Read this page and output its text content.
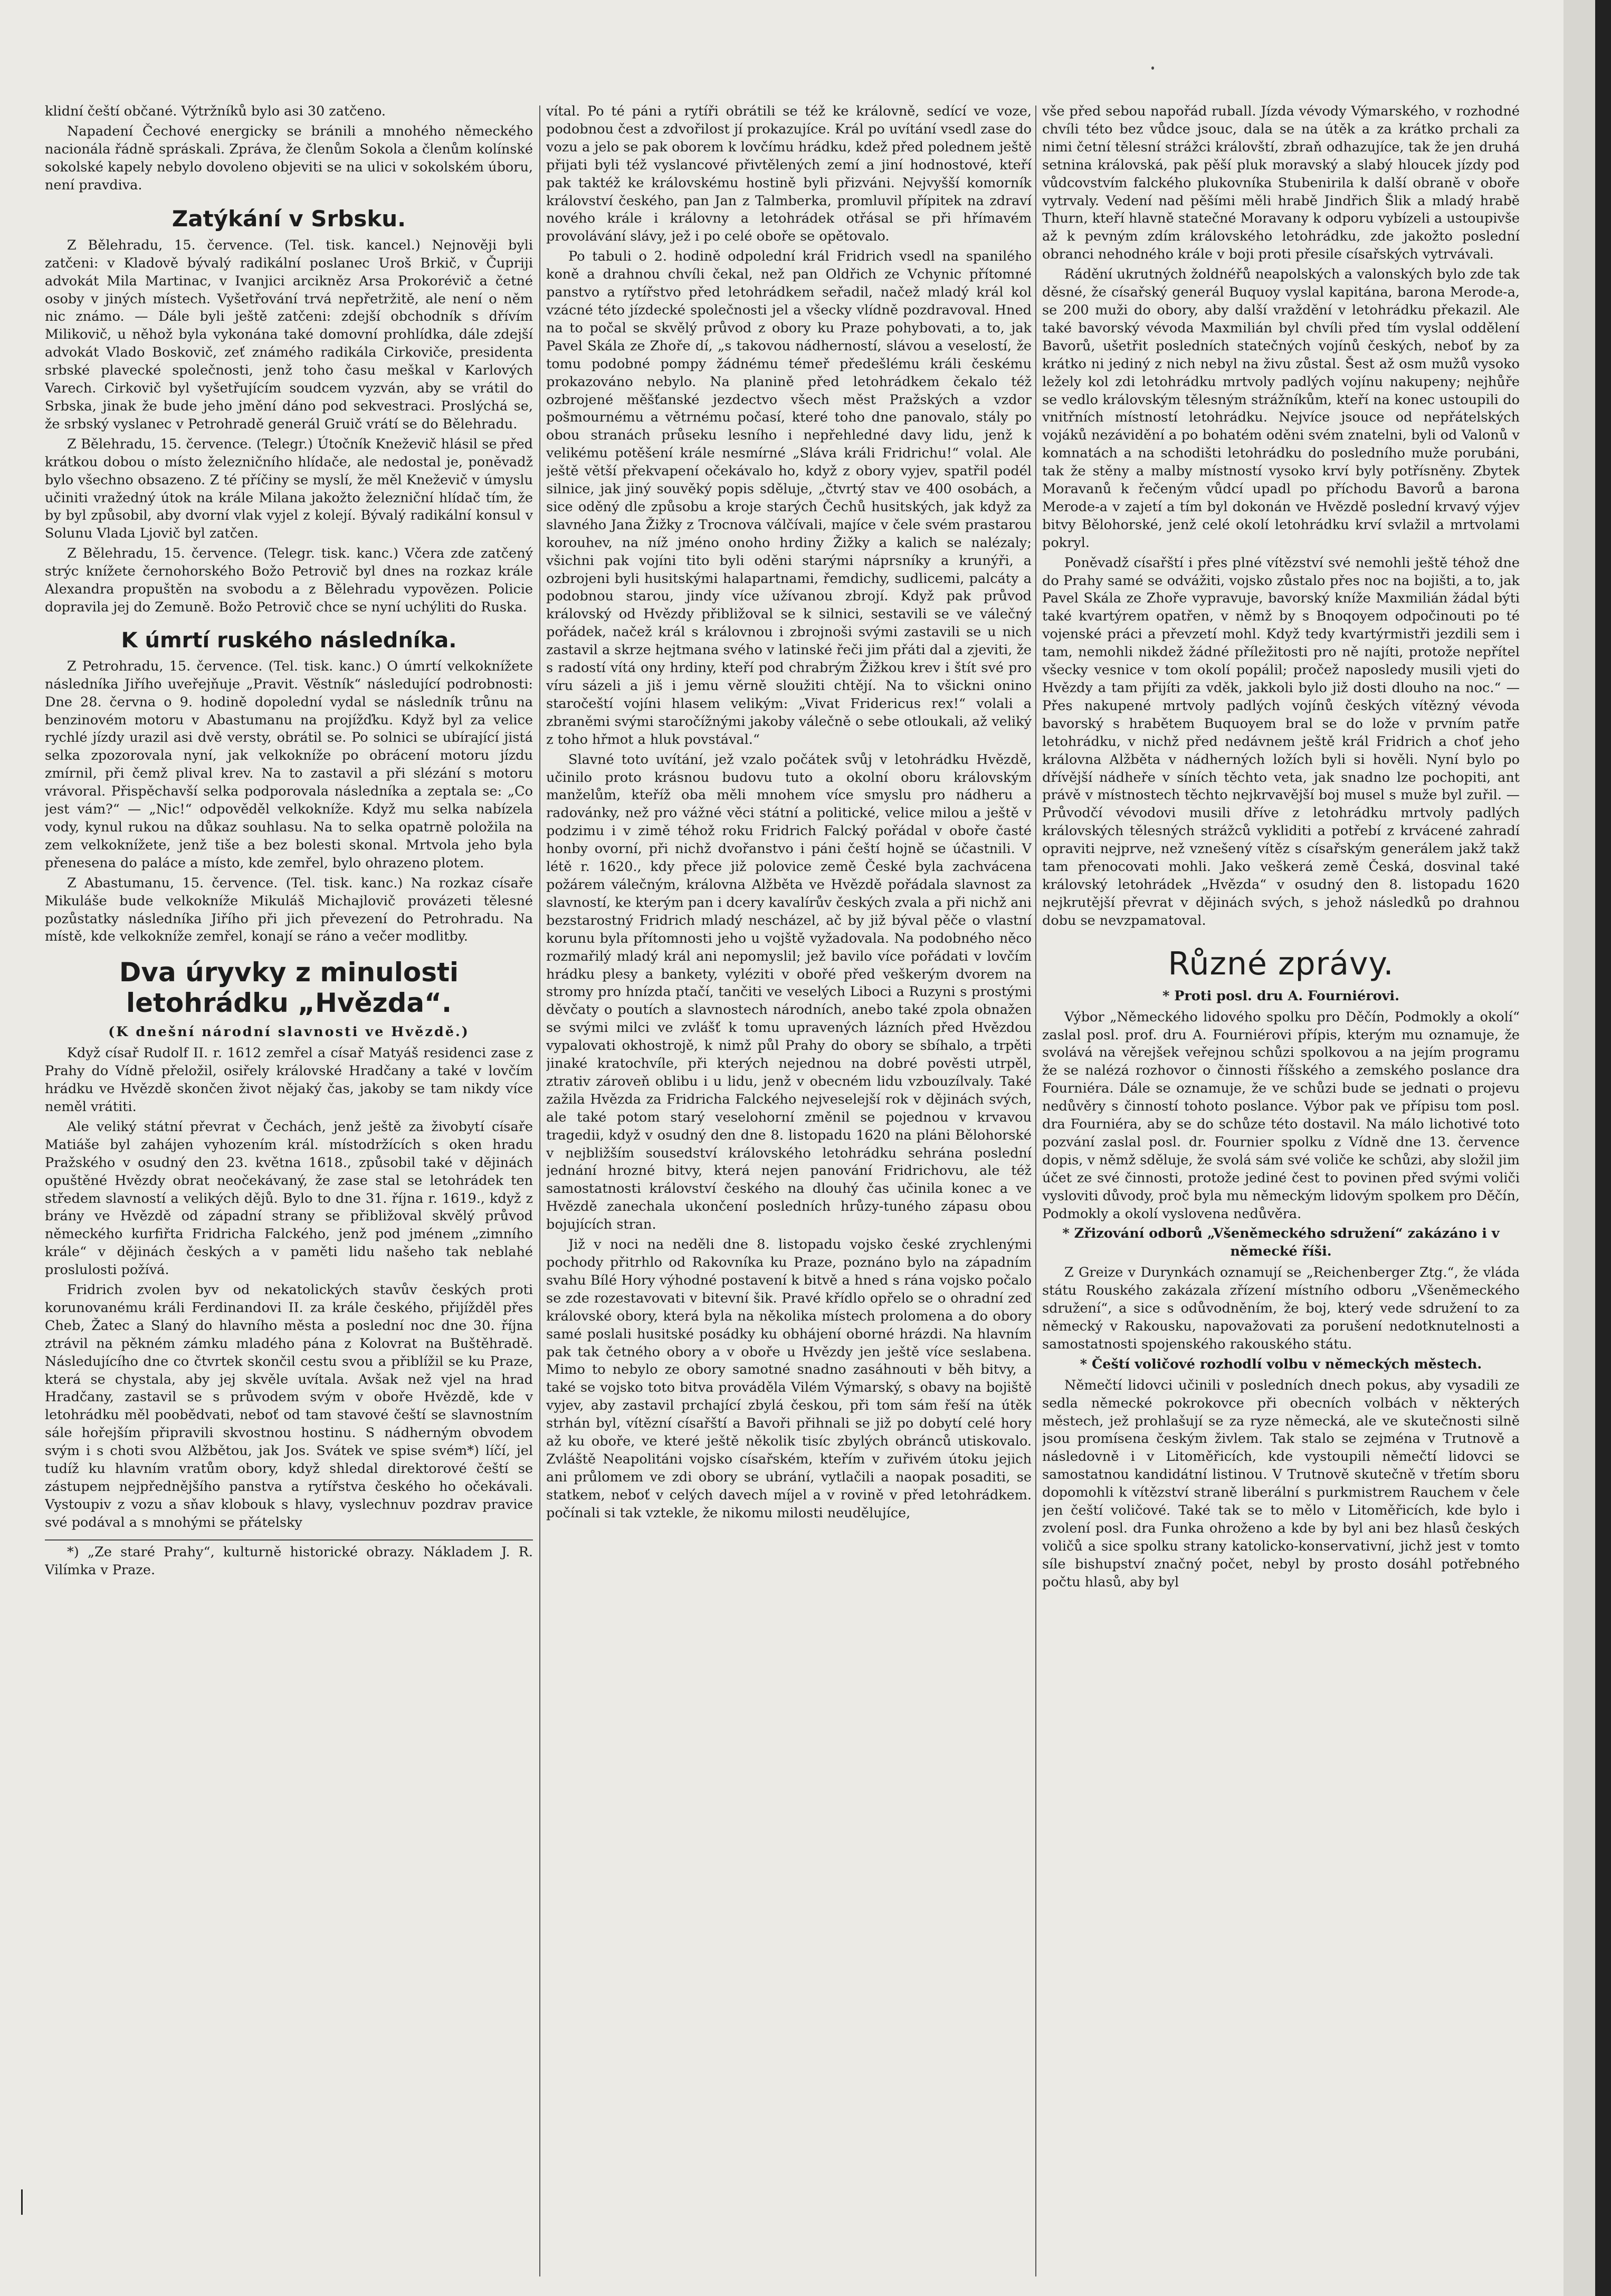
klidní čeští občané. Výtržníků bylo asi 30 zatčeno.

Napadení Čechové energicky se bránili a mnohého německého nacionála řádně spráskali. Zpráva, že členům Sokola a členům kolínské sokolské kapely nebylo dovoleno objeviti se na ulici v sokolském úboru, není pravdiva.

Zatýkání v Srbsku.

Z Bělehradu, 15. července. (Tel. tisk. kancel.) Nejnověji byli zatčeni: v Kladově bývalý radikální poslanec Uroš Brkič, v Čupriji advokát Mila Martinac, v Ivanjici arcikněz Arsa Prokorévič a četné osoby v jiných místech. Vyšetřování trvá nepřetržitě, ale není o něm nic známo. — Dále byli ještě zatčeni: zdejší obchodník s dřívím Milikovič, u něhož byla vykonána také domovní prohlídka, dále zdejší advokát Vlado Boskovič, zeť známého radikála Cirkoviče, presidenta srbské plavecké společnosti, jenž toho času meškal v Karlových Varech. Cirkovič byl vyšetřujícím soudcem vyzván, aby se vrátil do Srbska, jinak že bude jeho jmění dáno pod sekvestraci. Proslýchá se, že srbský vyslanec v Petrohradě generál Gruič vrátí se do Bělehradu.

Z Bělehradu, 15. července. (Telegr.) Útočník Kneževič hlásil se před krátkou dobou o místo železničního hlídače, ale nedostal je, poněvadž bylo všechno obsazeno. Z té příčiny se myslí, že měl Kneževič v úmyslu učiniti vražedný útok na krále Milana jakožto železniční hlídač tím, že by byl způsobil, aby dvorní vlak vyjel z kolejí. Bývalý radikální konsul v Solunu Vlada Ljovič byl zatčen.

Z Bělehradu, 15. července. (Telegr. tisk. kanc.) Včera zde zatčený strýc knížete černohorského Božo Petrovič byl dnes na rozkaz krále Alexandra propuštěn na svobodu a z Bělehradu vypovězen. Policie dopravila jej do Zemuně. Božo Petrovič chce se nyní uchýliti do Ruska.

K úmrtí ruského následníka.

Z Petrohradu, 15. července. (Tel. tisk. kanc.) O úmrtí velkoknížete následníka Jiřího uveřejňuje „Pravit. Věstník“ následující podrobnosti: Dne 28. června o 9. hodině dopolední vydal se následník trůnu na benzinovém motoru v Abastumanu na projížďku. Když byl za velice rychlé jízdy urazil asi dvě versty, obrátil se. Po solnici se ubírající jistá selka zpozorovala nyní, jak velkokníže po obrácení motoru jízdu zmírnil, při čemž plival krev. Na to zastavil a při slézání s motoru vrávoral. Přispěchavší selka podporovala následníka a zeptala se: „Co jest vám?“ — „Nic!“ odpověděl velkokníže. Když mu selka nabízela vody, kynul rukou na důkaz souhlasu. Na to selka opatrně položila na zem velkoknížete, jenž tiše a bez bolesti skonal. Mrtvola jeho byla přenesena do paláce a místo, kde zemřel, bylo ohrazeno plotem.

Z Abastumanu, 15. července. (Tel. tisk. kanc.) Na rozkaz císaře Mikuláše bude velkokníže Mikuláš Michajlovič provázeti tělesné pozůstatky následníka Jiřího při jich převezení do Petrohradu. Na místě, kde velkokníže zemřel, konají se ráno a večer modlitby.

Dva úryvky z minulosti letohrádku „Hvězda“.

(K dnešní národní slavnosti ve Hvězdě.)

Když císař Rudolf II. r. 1612 zemřel a císař Matyáš residenci zase z Prahy do Vídně přeložil, osiřely královské Hradčany a také v lovčím hrádku ve Hvězdě skončen život nějaký čas, jakoby se tam nikdy více neměl vrátiti.

Ale veliký státní převrat v Čechách, jenž ještě za živobytí císaře Matiáše byl zahájen vyhozením král. místodržících s oken hradu Pražského v osudný den 23. května 1618., způsobil také v dějinách opuštěné Hvězdy obrat neočekávaný, že zase stal se letohrádek ten středem slavností a velikých dějů. Bylo to dne 31. října r. 1619., když z brány ve Hvězdě od západní strany se přibližoval skvělý průvod německého kurfiřta Fridricha Falckého, jenž pod jménem „zimního krále“ v dějinách českých a v paměti lidu našeho tak neblahé proslulosti požívá.

Fridrich zvolen byv od nekatolických stavův českých proti korunovanému králi Ferdinandovi II. za krále českého, přijížděl přes Cheb, Žatec a Slaný do hlavního města a poslední noc dne 30. října ztrávil na pěkném zámku mladého pána z Kolovrat na Buštěhradě. Následujícího dne co čtvrtek skončil cestu svou a přiblížil se ku Praze, která se chystala, aby jej skvěle uvítala. Avšak než vjel na hrad Hradčany, zastavil se s průvodem svým v oboře Hvězdě, kde v letohrádku měl poobědvati, neboť od tam stavové čeští se slavnostním sále hořejším připravili skvostnou hostinu. S nádherným obvodem svým i s choti svou Alžbětou, jak Jos. Svátek ve spise svém*) líčí, jel tudíž ku hlavním vratům obory, když shledal direktorové čeští se zástupem nejpřednějšího panstva a rytířstva českého ho očekávali. Vystoupiv z vozu a sňav klobouk s hlavy, vyslechnuv pozdrav pravice své podával a s mnohými se přátelsky

*) „Ze staré Prahy“, kulturně historické obrazy. Nákladem J. R. Vilímka v Praze.

vítal. Po té páni a rytíři obrátili se též ke královně, sedící ve voze, podobnou čest a zdvořilost jí prokazujíce. Král po uvítání vsedl zase do vozu a jelo se pak oborem k lovčímu hrádku, kdež před polednem ještě přijati byli též vyslancové přivtělených zemí a jiní hodnostové, kteří pak taktéž ke královskému hostině byli přizváni. Nejvyšší komorník království českého, pan Jan z Talmberka, promluvil přípitek na zdraví nového krále i královny a letohrádek otřásal se při hřímavém provolávání slávy, jež i po celé oboře se opětovalo.

Po tabuli o 2. hodině odpolední král Fridrich vsedl na spanilého koně a drahnou chvíli čekal, než pan Oldřich ze Vchynic přítomné panstvo a rytířstvo před letohrádkem seřadil, načež mladý král kol vzácné této jízdecké společnosti jel a všecky vlídně pozdravoval. Hned na to počal se skvělý průvod z obory ku Praze pohybovati, a to, jak Pavel Skála ze Zhoře dí, „s takovou nádherností, slávou a veselostí, že tomu podobné pompy žádnému témeř předešlému králi českému prokazováno nebylo. Na planině před letohrádkem čekalo též ozbrojené měšťanské jezdectvo všech měst Pražských a vzdor pošmournému a větrnému počasí, které toho dne panovalo, stály po obou stranách průseku lesního i nepřehledné davy lidu, jenž k velikému potěšení krále nesmírné „Sláva králi Fridrichu!“ volal. Ale ještě větší překvapení očekávalo ho, když z obory vyjev, spatřil podél silnice, jak jiný souvěký popis sděluje, „čtvrtý stav ve 400 osobách, a sice oděný dle způsobu a kroje starých Čechů husitských, jak když za slavného Jana Žižky z Trocnova válčívali, majíce v čele svém prastarou korouhev, na níž jméno onoho hrdiny Žižky a kalich se nalézaly; všichni pak vojíni tito byli oděni starými náprsníky a krunýři, a ozbrojeni byli husitskými halapartnami, řemdichy, sudlicemi, palcáty a podobnou starou, jindy více užívanou zbrojí. Když pak průvod královský od Hvězdy přibližoval se k silnici, sestavili se ve válečný pořádek, načež král s královnou i zbrojnoši svými zastavili se u nich zastavil a skrze hejtmana svého v latinské řeči jim přáti dal a zjeviti, že s radostí vítá ony hrdiny, kteří pod chrabrým Žižkou krev i štít své pro víru sázeli a jiš i jemu věrně sloužiti chtějí. Na to všickni onino staročeští vojíni hlasem velikým: „Vivat Fridericus rex!“ volali a zbraněmi svými staročížnými jakoby válečně o sebe otloukali, až veliký z toho hřmot a hluk povstával.“

Slavné toto uvítání, jež vzalo počátek svůj v letohrádku Hvězdě, učinilo proto krásnou budovu tuto a okolní oboru královským manželům, kteříž oba měli mnohem více smyslu pro nádheru a radovánky, než pro vážné věci státní a politické, velice milou a ještě v podzimu i v zimě téhož roku Fridrich Falcký pořádal v oboře časté honby ovorní, při nichž dvořanstvo i páni čeští hojně se účastnili. V létě r. 1620., kdy přece již polovice země České byla zachvácena požárem válečným, královna Alžběta ve Hvězdě pořádala slavnost za slavností, ke kterým pan i dcery kavalírův českých zvala a při nichž ani bezstarostný Fridrich mladý nescházel, ač by již býval pěče o vlastní korunu byla přítomnosti jeho u vojště vyžadovala. Na podobného něco rozmařilý mladý král ani nepomyslil; jež bavilo více pořádati v lovčím hrádku plesy a bankety, vyléziti v obořé před veškerým dvorem na stromy pro hnízda ptačí, tančiti ve veselých Liboci a Ruzyni s prostými děvčaty o poutích a slavnostech národních, anebo také zpola obnažen se svými milci ve zvlášť k tomu upravených lázních před Hvězdou vypalovati okhostrojě, k nimž půl Prahy do obory se sbíhalo, a trpěti jinaké kratochvíle, při kterých nejednou na dobré pověsti utrpěl, ztrativ zároveň oblibu i u lidu, jenž v obecném lidu vzbouzílvaly. Také zažila Hvězda za Fridricha Falckého nejveselejší rok v dějinách svých, ale také potom starý veselohorní změnil se pojednou v krvavou tragedii, když v osudný den dne 8. listopadu 1620 na pláni Bělohorské v nejbližším sousedství královského letohrádku sehrána poslední jednání hrozné bitvy, která nejen panování Fridrichovu, ale též samostatnosti království českého na dlouhý čas učinila konec a ve Hvězdě zanechala ukončení posledních hrůzy-tuného zápasu obou bojujících stran.

Již v noci na neděli dne 8. listopadu vojsko české zrychlenými pochody přitrhlo od Rakovníka ku Praze, poznáno bylo na západním svahu Bílé Hory výhodné postavení k bitvě a hned s rána vojsko počalo se zde rozestavovati v bitevní šik. Pravé křídlo opřelo se o ohradní zeď královské obory, která byla na několika místech prolomena a do obory samé poslali husitské posádky ku obhájení oborné hrázdi. Na hlavním pak tak četného obory a v oboře u Hvězdy jen ještě více seslabena. Mimo to nebylo ze obory samotné snadno zasáhnouti v běh bitvy, a také se vojsko toto bitva prováděla Vilém Výmarský, s obavy na bojiště vyjev, aby zastavil prchající zbylá českou, při tom sám řeší na útěk strhán byl, vítězní císařští a Bavoři přihnali se již po dobytí celé hory až ku oboře, ve které ještě několik tisíc zbylých obránců utiskovalo. Zvláště Neapolitáni vojsko císařském, kteřím v zuřivém útoku jejich ani průlomem ve zdi obory se ubrání, vytlačili a naopak posaditi, se statkem, neboť v celých davech míjel a v rovině v před letohrádkem. počínali si tak vztekle, že nikomu milosti neudělujíce,

vše před sebou napořád ruball. Jízda vévody Výmarského, v rozhodné chvíli této bez vůdce jsouc, dala se na útěk a za krátko prchali za nimi četní tělesní strážci královští, zbraň odhazujíce, tak že jen druhá setnina královská, pak pěší pluk moravský a slabý hloucek jízdy pod vůdcovstvím falckého plukovníka Stubenirila k další obraně v oboře vytrvaly. Vedení nad pěšími měli hrabě Jindřich Šlik a mladý hrabě Thurn, kteří hlavně statečné Moravany k odporu vybízeli a ustoupivše až k pevným zdím královského letohrádku, zde jakožto poslední obranci nehodného krále v boji proti přesile císařských vytrvávali.

Rádění ukrutných žoldnéřů neapolských a valonských bylo zde tak děsné, že císařský generál Buquoy vyslal kapitána, barona Merode-a, se 200 muži do obory, aby další vraždění v letohrádku překazil. Ale také bavorský vévoda Maxmilián byl chvíli před tím vyslal oddělení Bavorů, ušetřit posledních statečných vojínů českých, neboť by za krátko ni jediný z nich nebyl na živu zůstal. Šest až osm mužů vysoko ležely kol zdi letohrádku mrtvoly padlých vojínu nakupeny; nejhůře se vedlo královským tělesným strážníkům, kteří na konec ustoupili do vnitřních místností letohrádku. Nejvíce jsouce od nepřátelských vojáků nezávidění a po bohatém oděni svém znatelni, byli od Valonů v komnatách a na schodišti letohrádku do posledního muže porubáni, tak že stěny a malby místností vysoko krví byly potřísněny. Zbytek Moravanů k řečeným vůdcí upadl po příchodu Bavorů a barona Merode-a v zajetí a tím byl dokonán ve Hvězdě poslední krvavý výjev bitvy Bělohorské, jenž celé okolí letohrádku krví svlažil a mrtvolami pokryl.

Poněvadž císařští i přes plné vítězství své nemohli ještě téhož dne do Prahy samé se odvážiti, vojsko zůstalo přes noc na bojišti, a to, jak Pavel Skála ze Zhoře vypravuje, bavorský kníže Maxmilián žádal býti také kvartýrem opatřen, v němž by s Bnoqoyem odpočinouti po té vojenské práci a převzetí mohl. Když tedy kvartýrmistři jezdili sem i tam, nemohli nikdež žádné příležitosti pro ně najíti, protože nepřítel všecky vesnice v tom okolí popálil; pročež naposledy musili vjeti do Hvězdy a tam přijíti za vděk, jakkoli bylo již dosti dlouho na noc.“ — Přes nakupené mrtvoly padlých vojínů českých vítězný vévoda bavorský s hrabětem Buquoyem bral se do lože v prvním patře letohrádku, v nichž před nedávnem ještě král Fridrich a choť jeho královna Alžběta v nádherných ložích byli si hověli. Nyní bylo po dřívější nádheře v síních těchto veta, jak snadno lze pochopiti, ant právě v místnostech těchto nejkrvavější boj musel s muže byl zuřil. — Průvodčí vévodovi musili dříve z letohrádku mrtvoly padlých královských tělesných strážců vykliditi a potřebí z krvácené zahradí opraviti nejprve, než vznešený vítěz s císařským generálem jakž takž tam přenocovati mohli. Jako veškerá země Česká, dosvinal také královský letohrádek „Hvězda“ v osudný den 8. listopadu 1620 nejkrutější převrat v dějinách svých, s jehož následků po drahnou dobu se nevzpamatoval.

Různé zprávy.

* Proti posl. dru A. Fourniérovi.

Výbor „Německého lidového spolku pro Děčín, Podmokly a okolí“ zaslal posl. prof. dru A. Fourniérovi přípis, kterým mu oznamuje, že svolává na věrejšek veřejnou schůzi spolkovou a na jejím programu že se nalézá rozhovor o činnosti říšského a zemského poslance dra Fourniéra. Dále se oznamuje, že ve schůzi bude se jednati o projevu nedůvěry s činností tohoto poslance. Výbor pak ve přípisu tom posl. dra Fourniéra, aby se do schůze této dostavil. Na málo lichotivé toto pozvání zaslal posl. dr. Fournier spolku z Vídně dne 13. července dopis, v němž sděluje, že svolá sám své voliče ke schůzi, aby složil jim účet ze své činnosti, protože jediné čest to povinen před svými voliči vysloviti důvody, proč byla mu německým lidovým spolkem pro Děčín, Podmokly a okolí vyslovena nedůvěra.

* Zřizování odborů „Všeněmeckého sdružení“ zakázáno i v německé říši.

Z Greize v Durynkách oznamují se „Reichenberger Ztg.“, že vláda státu Rouského zakázala zřízení místního odboru „Všeněmeckého sdružení“, a sice s odůvodněním, že boj, který vede sdružení to za německý v Rakousku, napovažovati za porušení nedotknutelnosti a samostatnosti spojenského rakouského státu.

* Čeští voličové rozhodlí volbu v německých městech.

Němečtí lidovci učinili v posledních dnech pokus, aby vysadili ze sedla německé pokrokovce při obecních volbách v některých městech, jež prohlašují se za ryze německá, ale ve skutečnosti silně jsou promísena českým živlem. Tak stalo se zejména v Trutnově a následovně i v Litoměřicích, kde vystoupili němečtí lidovci se samostatnou kandidátní listinou. V Trutnově skutečně v třetím sboru dopomohli k vítězství straně liberální s purkmistrem Rauchem v čele jen čeští voličové. Také tak se to mělo v Litoměřicích, kde bylo i zvolení posl. dra Funka ohroženo a kde by byl ani bez hlasů českých voličů a sice spolku strany katolicko-konservativní, jichž jest v tomto síle bishupství značný počet, nebyl by prosto dosáhl potřebného počtu hlasů, aby byl
